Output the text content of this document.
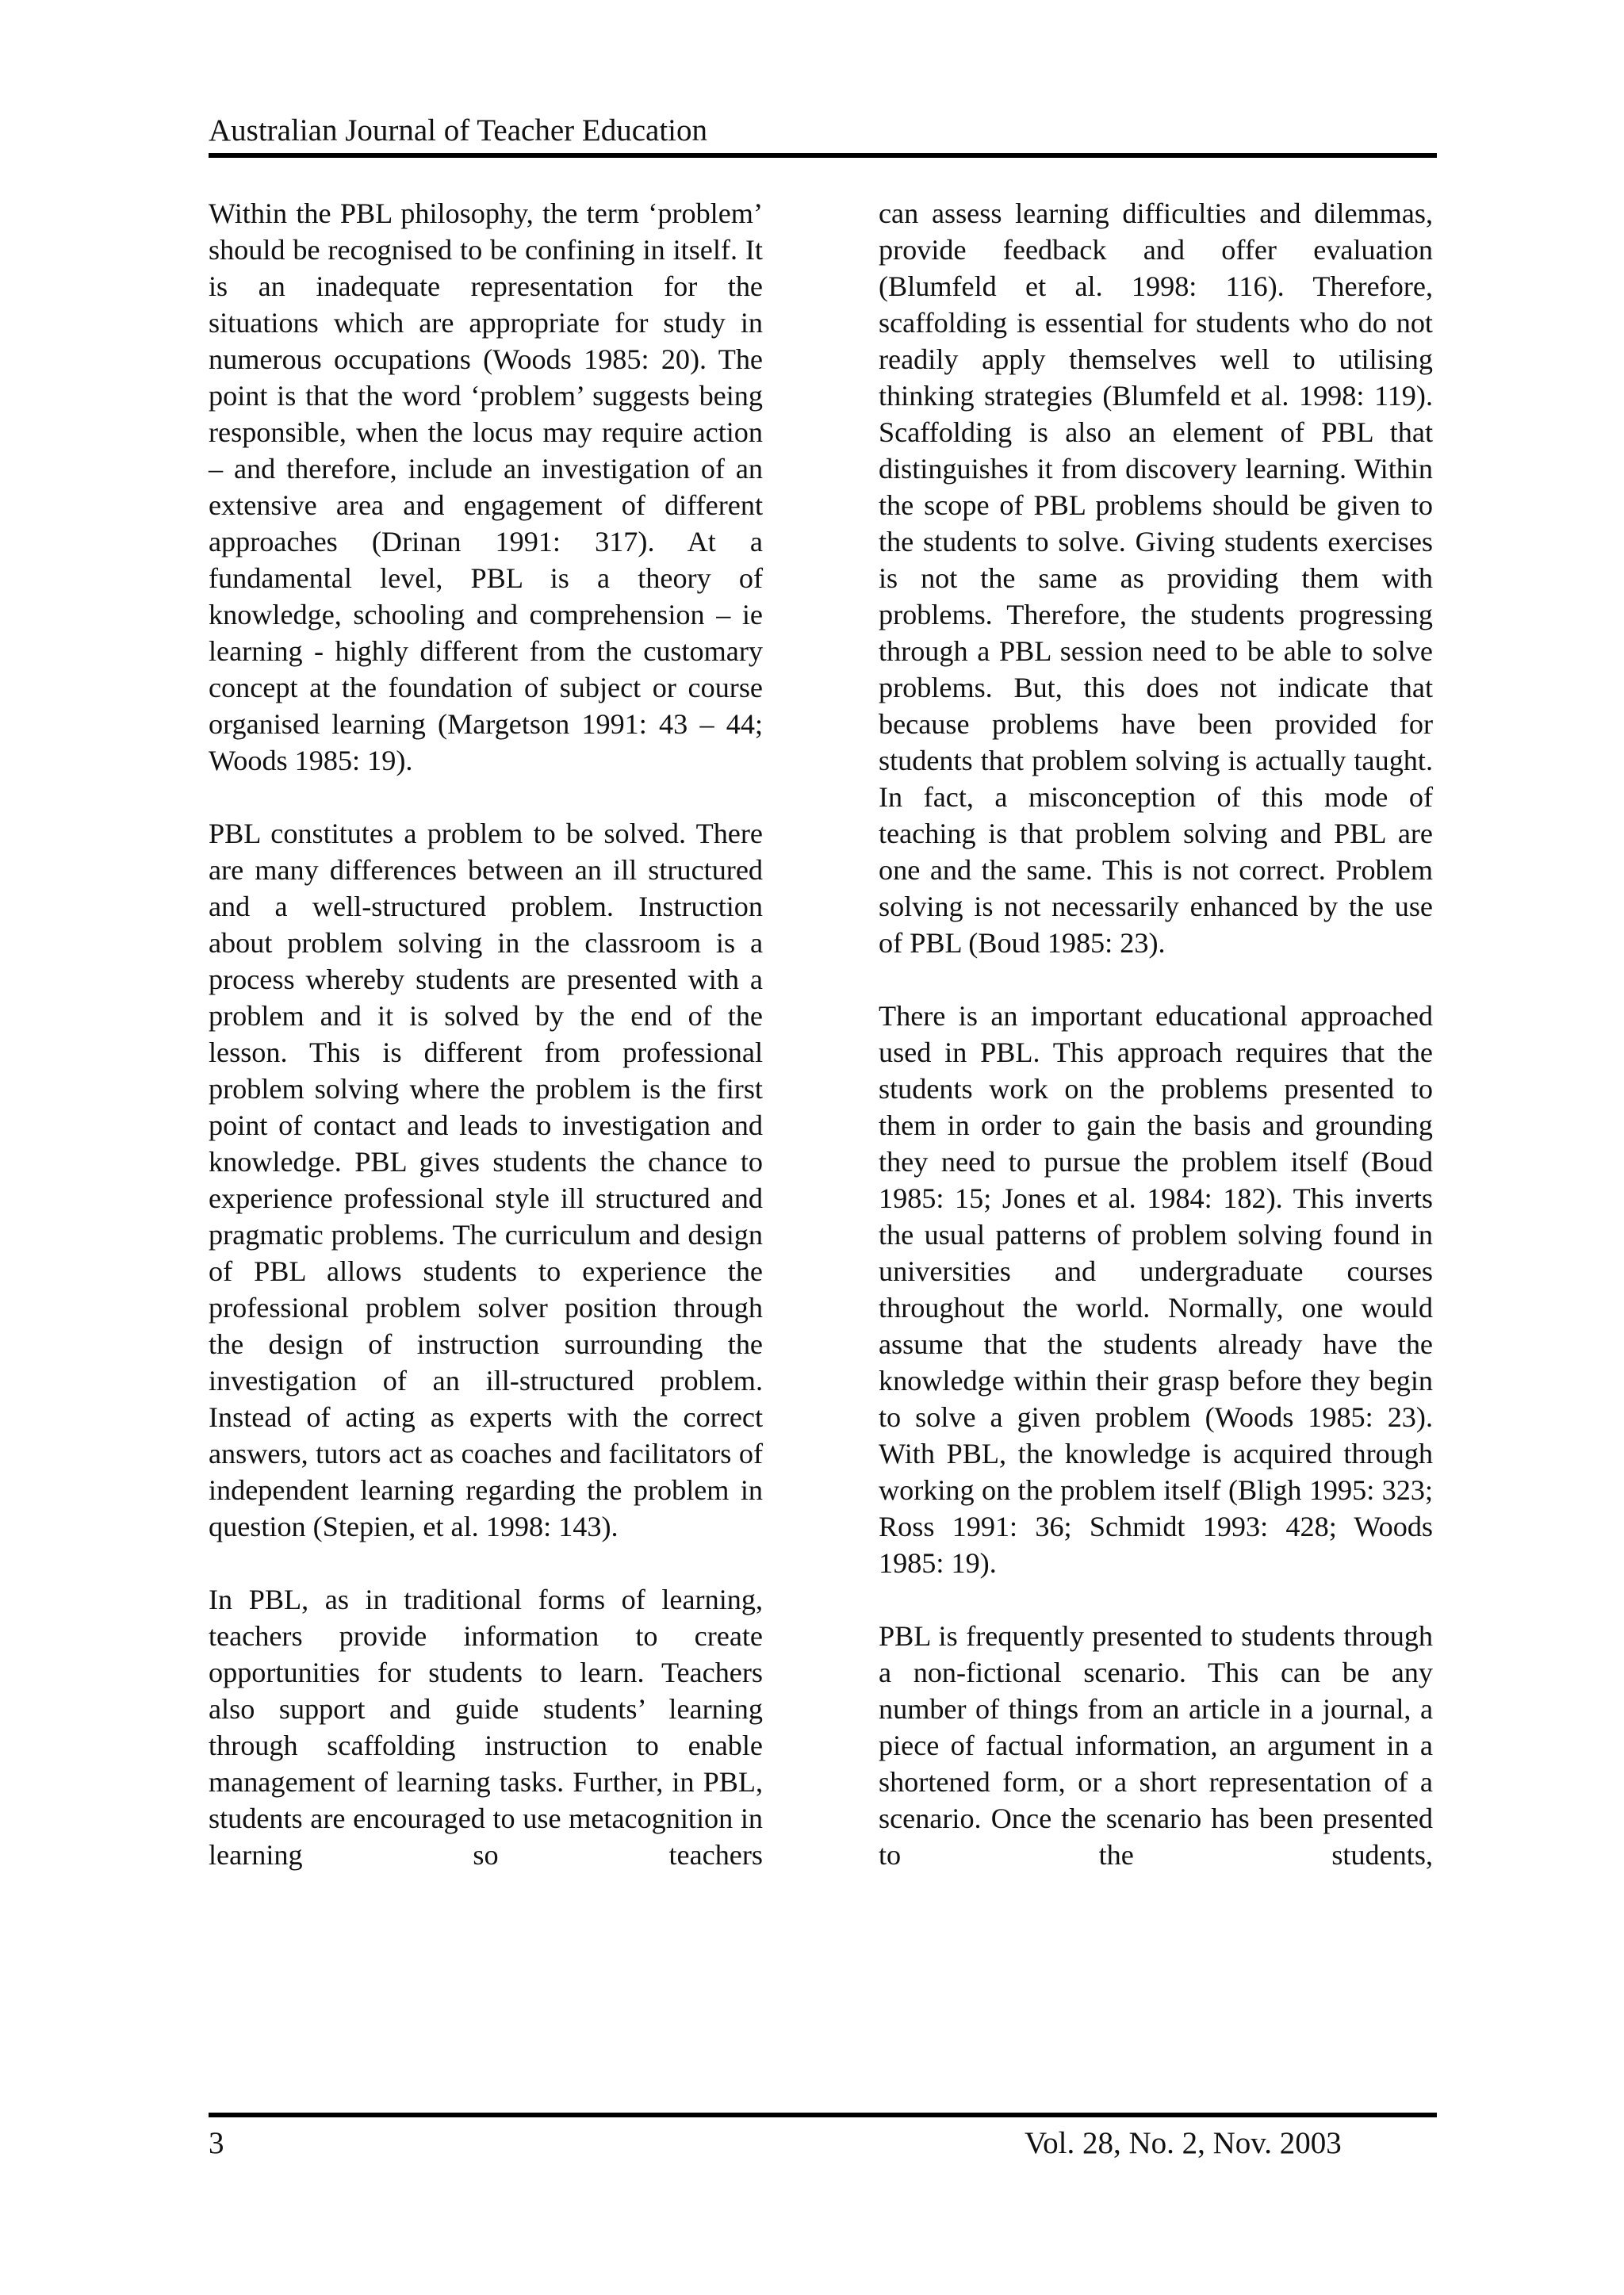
Australian Journal of Teacher Education

Within the PBL philosophy, the term ‘problem’ should be recognised to be confining in itself. It is an inadequate representation for the situations which are appropriate for study in numerous occupations (Woods 1985: 20). The point is that the word ‘problem’ suggests being responsible, when the locus may require action – and therefore, include an investigation of an extensive area and engagement of different approaches (Drinan 1991: 317). At a fundamental level, PBL is a theory of knowledge, schooling and comprehension – ie learning - highly different from the customary concept at the foundation of subject or course organised learning (Margetson 1991: 43 – 44; Woods 1985: 19).

PBL constitutes a problem to be solved. There are many differences between an ill structured and a well-structured problem. Instruction about problem solving in the classroom is a process whereby students are presented with a problem and it is solved by the end of the lesson. This is different from professional problem solving where the problem is the first point of contact and leads to investigation and knowledge. PBL gives students the chance to experience professional style ill structured and pragmatic problems. The curriculum and design of PBL allows students to experience the professional problem solver position through the design of instruction surrounding the investigation of an ill-structured problem. Instead of acting as experts with the correct answers, tutors act as coaches and facilitators of independent learning regarding the problem in question (Stepien, et al. 1998: 143).

In PBL, as in traditional forms of learning, teachers provide information to create opportunities for students to learn. Teachers also support and guide students’ learning through scaffolding instruction to enable management of learning tasks. Further, in PBL, students are encouraged to use metacognition in learning so teachers

can assess learning difficulties and dilemmas, provide feedback and offer evaluation (Blumfeld et al. 1998: 116). Therefore, scaffolding is essential for students who do not readily apply themselves well to utilising thinking strategies (Blumfeld et al. 1998: 119). Scaffolding is also an element of PBL that distinguishes it from discovery learning. Within the scope of PBL problems should be given to the students to solve. Giving students exercises is not the same as providing them with problems. Therefore, the students progressing through a PBL session need to be able to solve problems. But, this does not indicate that because problems have been provided for students that problem solving is actually taught. In fact, a misconception of this mode of teaching is that problem solving and PBL are one and the same. This is not correct. Problem solving is not necessarily enhanced by the use of PBL (Boud 1985: 23).

There is an important educational approached used in PBL. This approach requires that the students work on the problems presented to them in order to gain the basis and grounding they need to pursue the problem itself (Boud 1985: 15; Jones et al. 1984: 182). This inverts the usual patterns of problem solving found in universities and undergraduate courses throughout the world. Normally, one would assume that the students already have the knowledge within their grasp before they begin to solve a given problem (Woods 1985: 23). With PBL, the knowledge is acquired through working on the problem itself (Bligh 1995: 323; Ross 1991: 36; Schmidt 1993: 428; Woods 1985: 19).

PBL is frequently presented to students through a non-fictional scenario. This can be any number of things from an article in a journal, a piece of factual information, an argument in a shortened form, or a short representation of a scenario. Once the scenario has been presented to the students,

3	Vol. 28, No. 2, Nov. 2003
